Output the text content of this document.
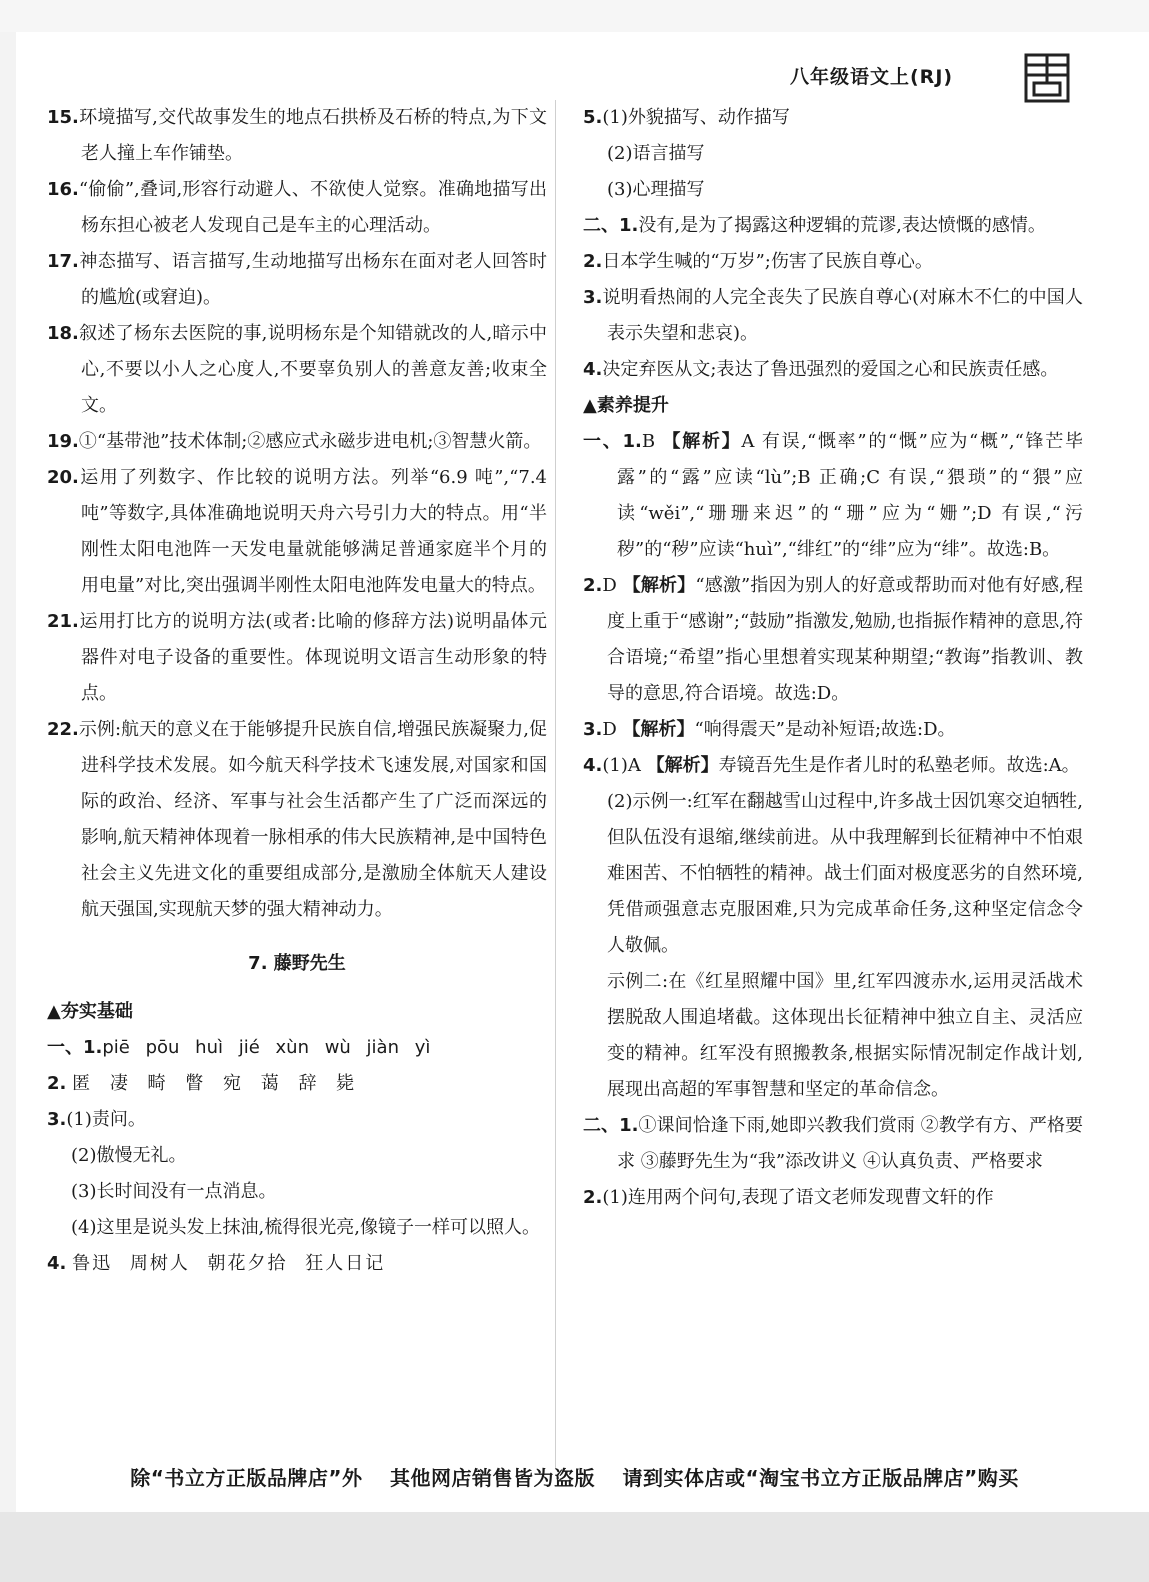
八年级语文上(RJ)

15.环境描写,交代故事发生的地点石拱桥及石桥的特点,为下文老人撞上车作铺垫。

16.“偷偷”,叠词,形容行动避人、不欲使人觉察。准确地描写出杨东担心被老人发现自己是车主的心理活动。

17.神态描写、语言描写,生动地描写出杨东在面对老人回答时的尴尬(或窘迫)。

18.叙述了杨东去医院的事,说明杨东是个知错就改的人,暗示中心,不要以小人之心度人,不要辜负别人的善意友善;收束全文。

19.①“基带池”技术体制;②感应式永磁步进电机;③智慧火箭。

20.运用了列数字、作比较的说明方法。列举“6.9 吨”,“7.4 吨”等数字,具体准确地说明天舟六号引力大的特点。用“半刚性太阳电池阵一天发电量就能够满足普通家庭半个月的用电量”对比,突出强调半刚性太阳电池阵发电量大的特点。

21.运用打比方的说明方法(或者:比喻的修辞方法)说明晶体元器件对电子设备的重要性。体现说明文语言生动形象的特点。

22.示例:航天的意义在于能够提升民族自信,增强民族凝聚力,促进科学技术发展。如今航天科学技术飞速发展,对国家和国际的政治、经济、军事与社会生活都产生了广泛而深远的影响,航天精神体现着一脉相承的伟大民族精神,是中国特色社会主义先进文化的重要组成部分,是激励全体航天人建设航天强国,实现航天梦的强大精神动力。

7. 藤野先生

▲夯实基础

一、1.piē pōu huì jié xùn wù jiàn yì

2. 匿 凄 畸 瞥 宛 蔼 辞 毙

3.(1)责问。

(2)傲慢无礼。

(3)长时间没有一点消息。

(4)这里是说头发上抹油,梳得很光亮,像镜子一样可以照人。

4. 鲁迅 周树人 朝花夕拾 狂人日记

5.(1)外貌描写、动作描写

(2)语言描写

(3)心理描写

二、1.没有,是为了揭露这种逻辑的荒谬,表达愤慨的感情。

2.日本学生喊的“万岁”;伤害了民族自尊心。

3.说明看热闹的人完全丧失了民族自尊心(对麻木不仁的中国人表示失望和悲哀)。

4.决定弃医从文;表达了鲁迅强烈的爱国之心和民族责任感。

▲素养提升

一、1.B 【解析】A 有误,“慨率”的“慨”应为“概”,“锋芒毕露”的“露”应读“lù”;B 正确;C 有误,“猥琐”的“猥”应读“wěi”,“珊珊来迟”的“珊”应为“姗”;D 有误,“污秽”的“秽”应读“huì”,“绯红”的“绯”应为“绯”。故选:B。

2.D 【解析】“感激”指因为别人的好意或帮助而对他有好感,程度上重于“感谢”;“鼓励”指激发,勉励,也指振作精神的意思,符合语境;“希望”指心里想着实现某种期望;“教诲”指教训、教导的意思,符合语境。故选:D。

3.D 【解析】“响得震天”是动补短语;故选:D。

4.(1)A 【解析】寿镜吾先生是作者儿时的私塾老师。故选:A。

(2)示例一:红军在翻越雪山过程中,许多战士因饥寒交迫牺牲,但队伍没有退缩,继续前进。从中我理解到长征精神中不怕艰难困苦、不怕牺牲的精神。战士们面对极度恶劣的自然环境,凭借顽强意志克服困难,只为完成革命任务,这种坚定信念令人敬佩。

示例二:在《红星照耀中国》里,红军四渡赤水,运用灵活战术摆脱敌人围追堵截。这体现出长征精神中独立自主、灵活应变的精神。红军没有照搬教条,根据实际情况制定作战计划,展现出高超的军事智慧和坚定的革命信念。

二、1.①课间恰逢下雨,她即兴教我们赏雨 ②教学有方、严格要求 ③藤野先生为“我”添改讲义 ④认真负责、严格要求

2.(1)连用两个问句,表现了语文老师发现曹文轩的作

除“书立方正版品牌店”外 其他网店销售皆为盗版 请到实体店或“淘宝书立方正版品牌店”购买
